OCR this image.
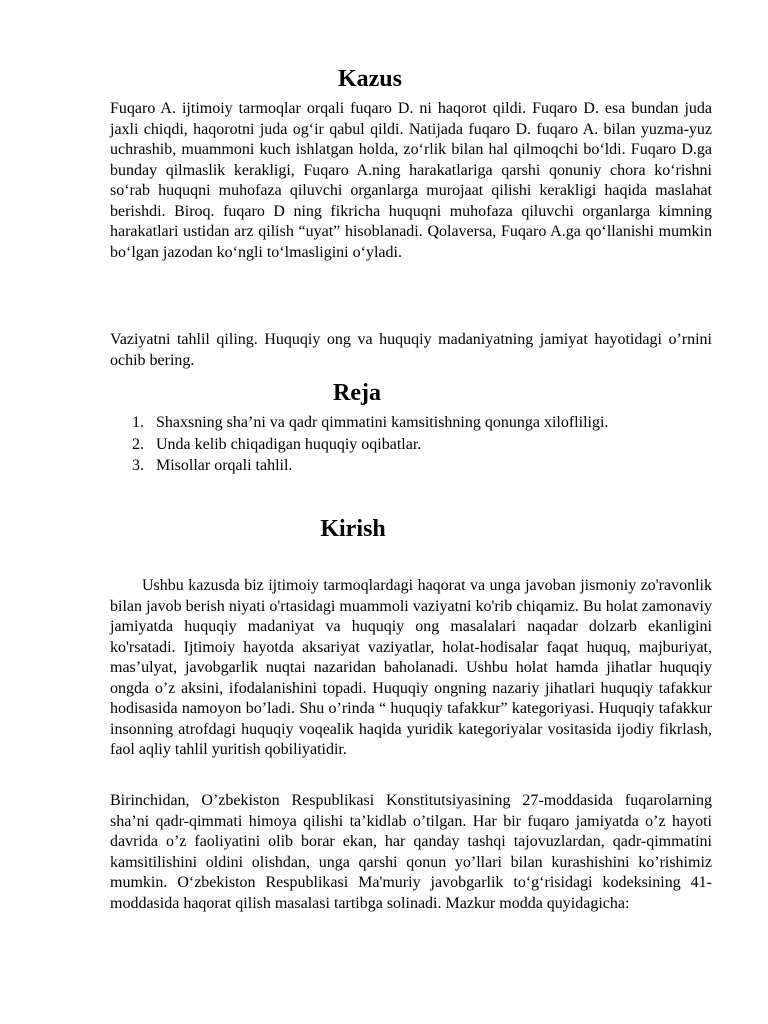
Kazus

Fuqaro A. ijtimoiy tarmoqlar orqali fuqaro D. ni haqorot qildi. Fuqaro D. esa bundan juda jaxli chiqdi, haqorotni juda og‘ir qabul qildi. Natijada fuqaro D. fuqaro A. bilan yuzma-yuz uchrashib, muammoni kuch ishlatgan holda, zo‘rlik bilan hal qilmoqchi bo‘ldi. Fuqaro D.ga bunday qilmaslik kerakligi, Fuqaro A.ning harakatlariga qarshi qonuniy chora ko‘rishni so‘rab huquqni muhofaza qiluvchi organlarga murojaat qilishi kerakligi haqida maslahat berishdi. Biroq. fuqaro D ning fikricha huquqni muhofaza qiluvchi organlarga kimning harakatlari ustidan arz qilish “uyat” hisoblanadi. Qolaversa, Fuqaro A.ga qo‘llanishi mumkin bo‘lgan jazodan ko‘ngli to‘lmasligini o‘yladi.

Vaziyatni tahlil qiling. Huquqiy ong va huquqiy madaniyatning jamiyat hayotidagi o’rnini ochib bering.

Reja
1. Shaxsning sha’ni va qadr qimmatini kamsitishning qonunga xilofliligi.
2. Unda kelib chiqadigan huquqiy oqibatlar.
3. Misollar orqali tahlil.
Kirish

Ushbu kazusda biz ijtimoiy tarmoqlardagi haqorat va unga javoban jismoniy zo'ravonlik bilan javob berish niyati o'rtasidagi muammoli vaziyatni ko'rib chiqamiz. Bu holat zamonaviy jamiyatda huquqiy madaniyat va huquqiy ong masalalari naqadar dolzarb ekanligini ko'rsatadi. Ijtimoiy hayotda aksariyat vaziyatlar, holat-hodisalar faqat huquq, majburiyat, mas’ulyat, javobgarlik nuqtai nazaridan baholanadi. Ushbu holat hamda jihatlar huquqiy ongda o’z aksini, ifodalanishini topadi. Huquqiy ongning nazariy jihatlari huquqiy tafakkur hodisasida namoyon bo’ladi. Shu o’rinda “ huquqiy tafakkur” kategoriyasi. Huquqiy tafakkur insonning atrofdagi huquqiy voqealik haqida yuridik kategoriyalar vositasida ijodiy fikrlash, faol aqliy tahlil yuritish qobiliyatidir.

Birinchidan, O’zbekiston Respublikasi Konstitutsiyasining 27-moddasida fuqarolarning sha’ni qadr-qimmati himoya qilishi ta’kidlab o’tilgan. Har bir fuqaro jamiyatda o’z hayoti davrida o’z faoliyatini olib borar ekan, har qanday tashqi tajovuzlardan, qadr-qimmatini kamsitilishini oldini olishdan, unga qarshi qonun yo’llari bilan kurashishini ko’rishimiz mumkin. O‘zbekiston Respublikasi Ma'muriy javobgarlik to‘g‘risidagi kodeksining 41-moddasida haqorat qilish masalasi tartibga solinadi. Mazkur modda quyidagicha:
